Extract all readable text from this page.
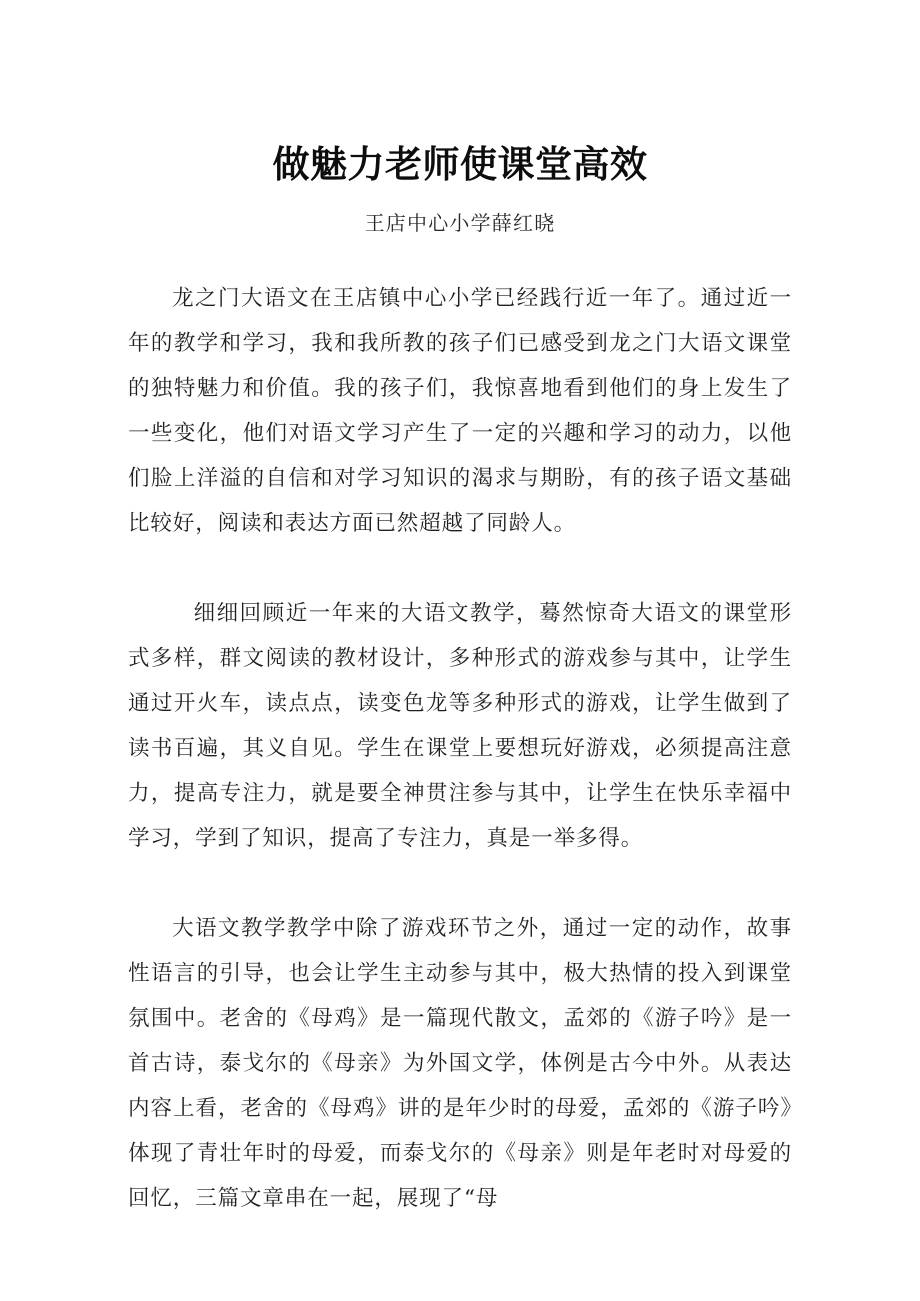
做魅力老师使课堂高效
王店中心小学薛红晓

龙之门大语文在王店镇中心小学已经践行近一年了。通过近一年的教学和学习，我和我所教的孩子们已感受到龙之门大语文课堂的独特魅力和价值。我的孩子们，我惊喜地看到他们的身上发生了一些变化，他们对语文学习产生了一定的兴趣和学习的动力，以他们脸上洋溢的自信和对学习知识的渴求与期盼，有的孩子语文基础比较好，阅读和表达方面已然超越了同龄人。

细细回顾近一年来的大语文教学，蓦然惊奇大语文的课堂形式多样，群文阅读的教材设计，多种形式的游戏参与其中，让学生通过开火车，读点点，读变色龙等多种形式的游戏，让学生做到了读书百遍，其义自见。学生在课堂上要想玩好游戏，必须提高注意力，提高专注力，就是要全神贯注参与其中，让学生在快乐幸福中学习，学到了知识，提高了专注力，真是一举多得。

大语文教学教学中除了游戏环节之外，通过一定的动作，故事性语言的引导，也会让学生主动参与其中，极大热情的投入到课堂氛围中。老舍的《母鸡》是一篇现代散文，孟郊的《游子吟》是一首古诗，泰戈尔的《母亲》为外国文学，体例是古今中外。从表达内容上看，老舍的《母鸡》讲的是年少时的母爱，孟郊的《游子吟》体现了青壮年时的母爱，而泰戈尔的《母亲》则是年老时对母爱的回忆，三篇文章串在一起，展现了“母
